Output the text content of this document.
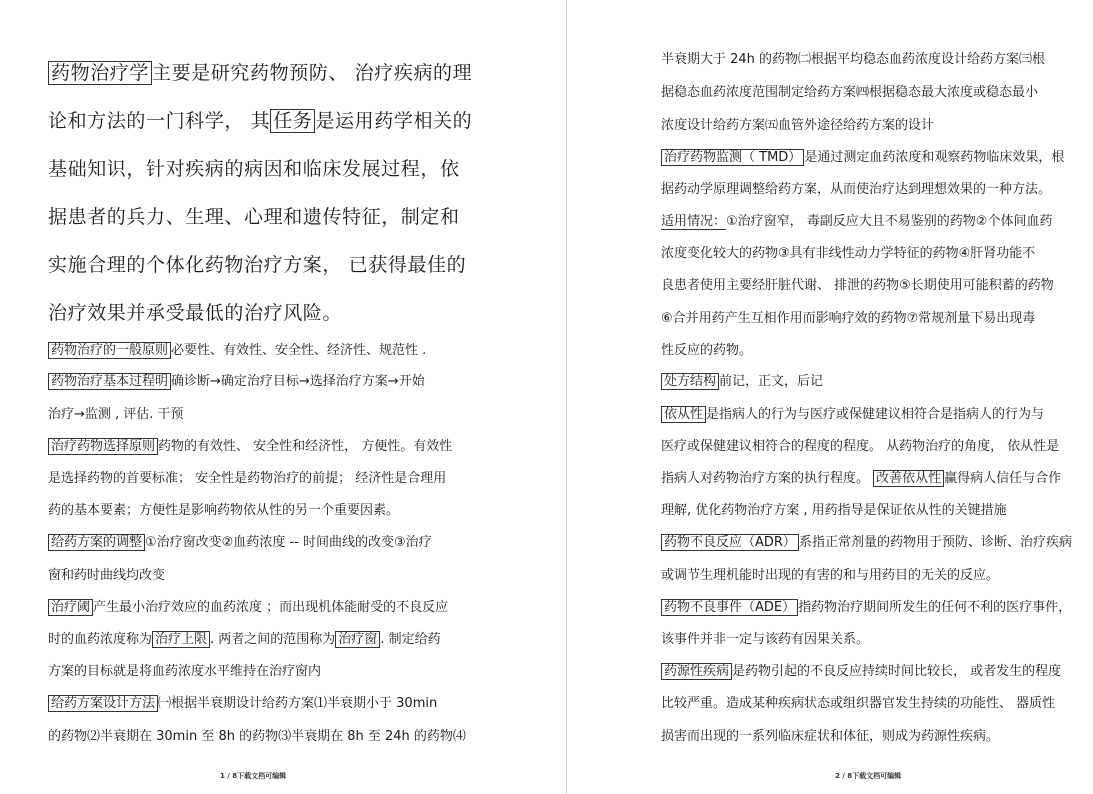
药物治疗学 主要是研究药物预防、 治疗疾病的理
论和方法的一门科学， 其 任务 是运用药学相关的
基础知识，针对疾病的病因和临床发展过程，依
据患者的兵力、生理、心理和遗传特征，制定和
实施合理的个体化药物治疗方案， 已获得最佳的
治疗效果并承受最低的治疗风险。
药物治疗的一般原则 必要性、有效性、安全性、经济性、规范性 .
药物治疗基本过程明 确诊断→确定治疗目标→选择治疗方案→开始
治疗→监测 , 评估. 干预
治疗药物选择原则 药物的有效性、 安全性和经济性， 方便性。有效性
是选择药物的首要标准； 安全性是药物治疗的前提； 经济性是合理用
药的基本要素；方便性是影响药物依从性的另一个重要因素。
给药方案的调整 ①治疗窗改变②血药浓度 -- 时间曲线的改变③治疗
窗和药时曲线均改变
治疗阈 产生最小治疗效应的血药浓度 ；而出现机体能耐受的不良反应
时的血药浓度称为 治疗上限 . 两者之间的范围称为 治疗窗 . 制定给药
方案的目标就是将血药浓度水平维持在治疗窗内
给药方案设计方法 ㈠根据半衰期设计给药方案⑴半衰期小于 30min
的药物⑵半衰期在 30min 至 8h 的药物⑶半衰期在 8h 至 24h 的药物⑷
1 / 8下载文档可编辑
半衰期大于 24h 的药物㈡根据平均稳态血药浓度设计给药方案㈢根
据稳态血药浓度范围制定给药方案㈣根据稳态最大浓度或稳态最小
浓度设计给药方案㈤血管外途径给药方案的设计
治疗药物监测（ TMD） 是通过测定血药浓度和观察药物临床效果，根
据药动学原理调整给药方案，从而使治疗达到理想效果的一种方法。
适用情况：①治疗窗窄， 毒副反应大且不易鉴别的药物②个体间血药
浓度变化较大的药物③具有非线性动力学特征的药物④肝肾功能不
良患者使用主要经肝脏代谢、 排泄的药物⑤长期使用可能积蓄的药物
⑥合并用药产生互相作用而影响疗效的药物⑦常规剂量下易出现毒
性反应的药物。
处方结构 前记，正文，后记
依从性 是指病人的行为与医疗或保健建议相符合是指病人的行为与
医疗或保健建议相符合的程度的程度。 从药物治疗的角度， 依从性是
指病人对药物治疗方案的执行程度。 改善依从性 赢得病人信任与合作
理解, 优化药物治疗方案 , 用药指导是保证依从性的关键措施
药物不良反应（ADR） 系指正常剂量的药物用于预防、诊断、治疗疾病
或调节生理机能时出现的有害的和与用药目的无关的反应。
药物不良事件（ADE） 指药物治疗期间所发生的任何不利的医疗事件，
该事件并非一定与该药有因果关系。
药源性疾病 是药物引起的不良反应持续时间比较长， 或者发生的程度
比较严重。造成某种疾病状态或组织器官发生持续的功能性、 器质性
损害而出现的一系列临床症状和体征，则成为药源性疾病。
2 / 8下载文档可编辑
